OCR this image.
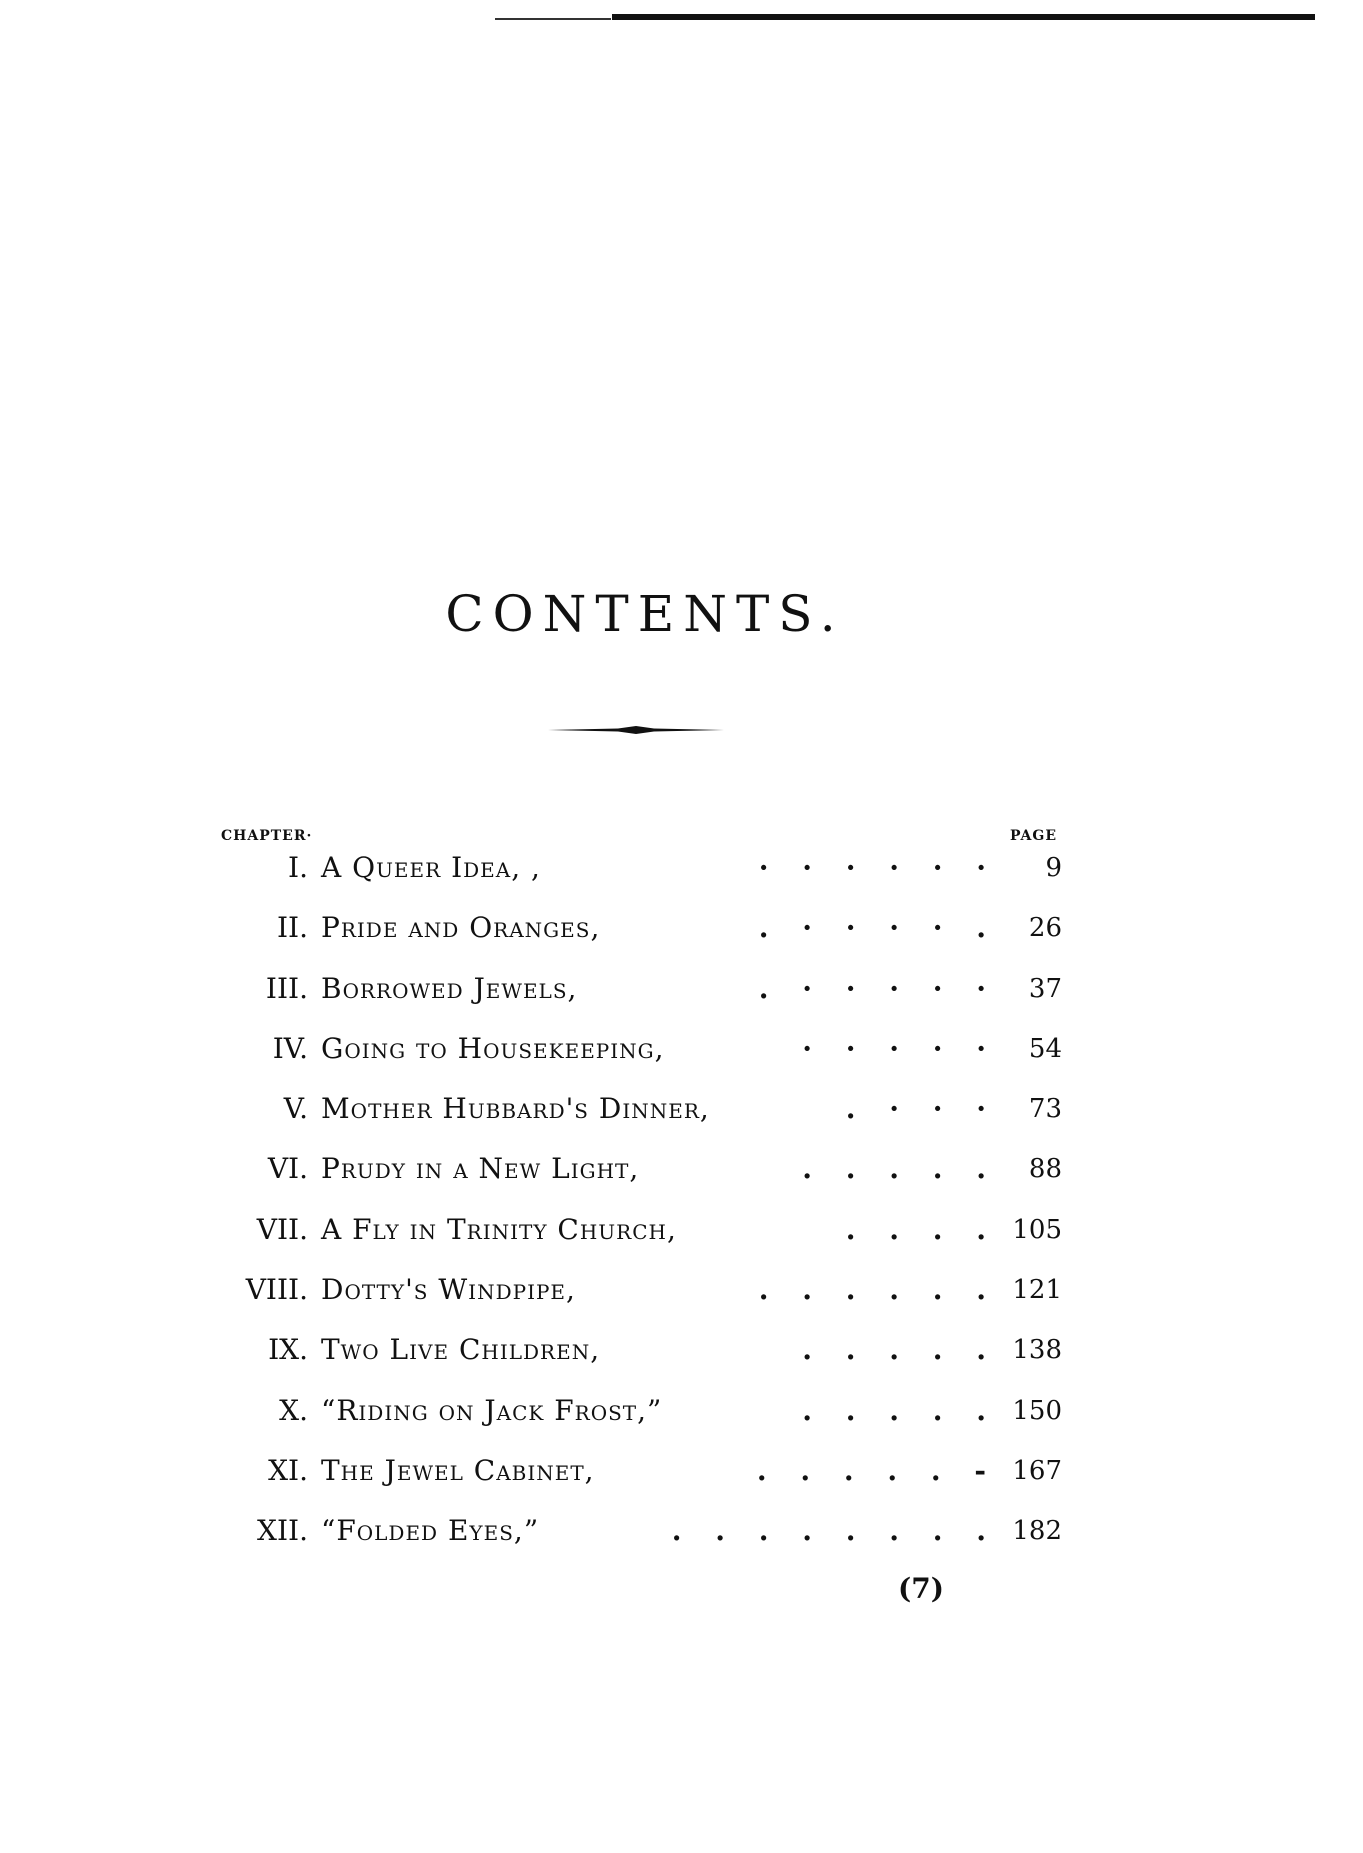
CONTENTS.
CHAPTER·	PAGE
I. A Queer Idea, ,	· · · · · · 9
II. Pride and Oranges,	. · · · · . 26
III. Borrowed Jewels,	. · · · · · 37
IV. Going to Housekeeping,	· · · · · 54
V. Mother Hubbard's Dinner,	. · · · 73
VI. Prudy in a New Light,	. . . . . 88
VII. A Fly in Trinity Church,	. . . . 105
VIII. Dotty's Windpipe,	. . . . . . 121
IX. Two Live Children,	. . . . . 138
X. “Riding on Jack Frost,”	. . . . . 150
XI. The Jewel Cabinet,	. . . . . - 167
XII. “Folded Eyes,”	. . . . . . . . 182
(7)
